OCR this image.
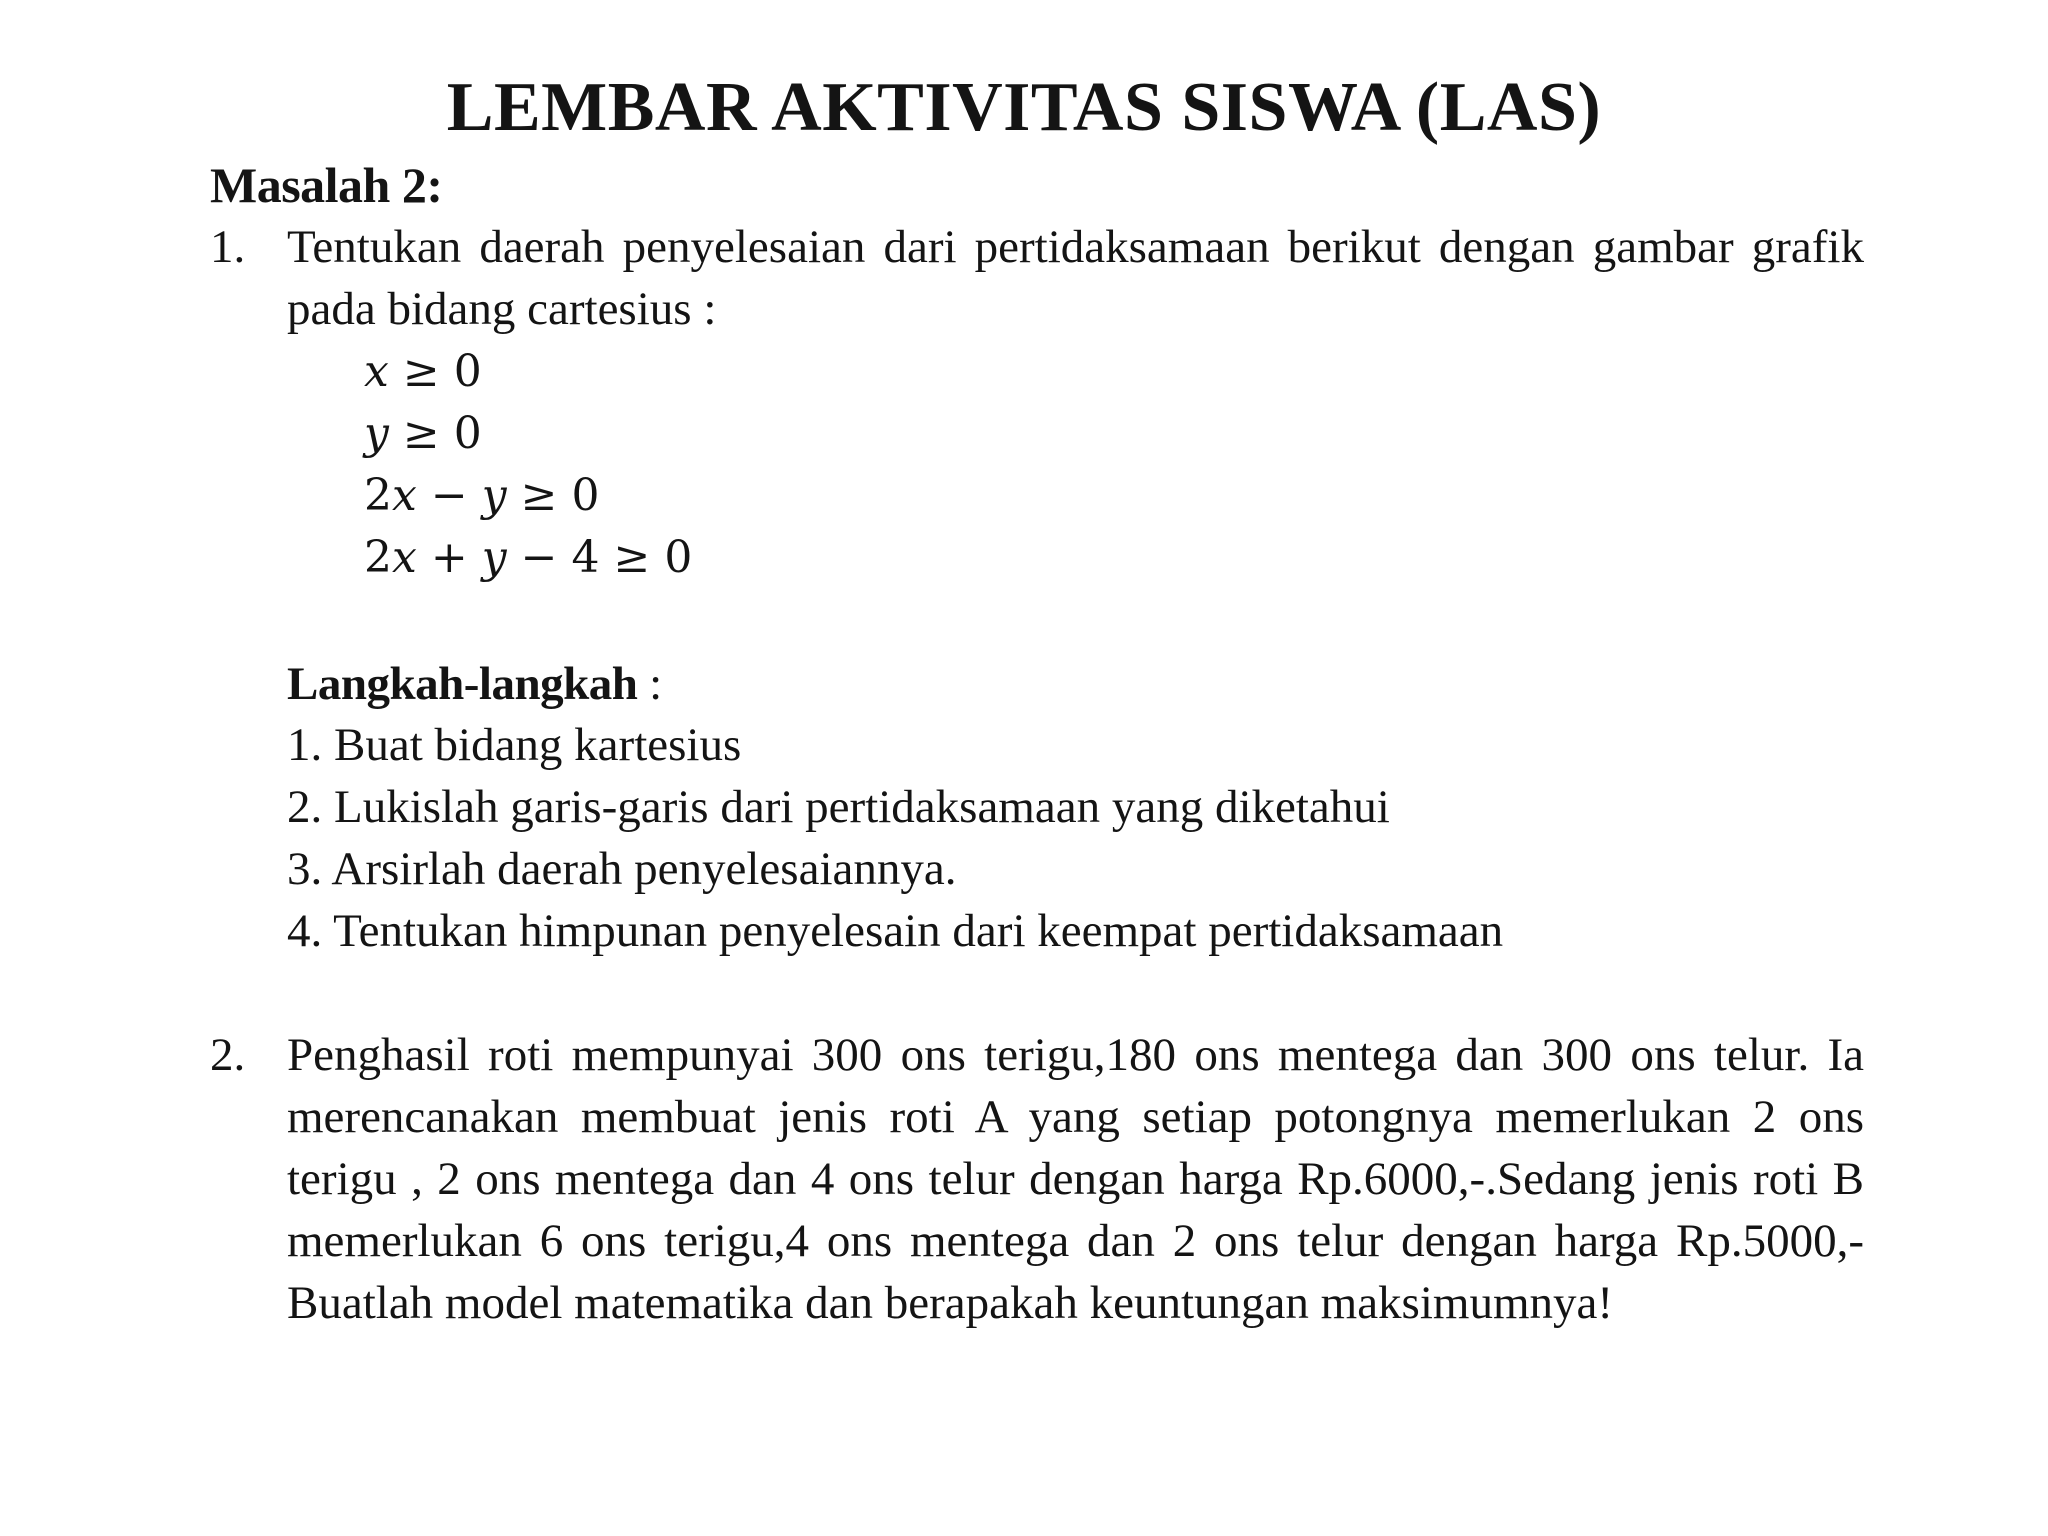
LEMBAR AKTIVITAS SISWA (LAS)
Masalah 2:
1. Tentukan daerah penyelesaian dari pertidaksamaan berikut dengan gambar grafik pada bidang cartesius :
x ≥ 0
y ≥ 0
2x − y ≥ 0
2x + y − 4 ≥ 0
Langkah-langkah :
1. Buat bidang kartesius
2. Lukislah garis-garis dari pertidaksamaan yang diketahui
3. Arsirlah daerah penyelesaiannya.
4. Tentukan himpunan penyelesain dari keempat pertidaksamaan
2. Penghasil roti mempunyai 300 ons terigu,180 ons mentega dan 300 ons telur. Ia merencanakan membuat jenis roti A yang setiap potongnya memerlukan 2 ons terigu , 2 ons mentega dan 4 ons telur dengan harga Rp.6000,-.Sedang jenis roti B memerlukan 6 ons terigu,4 ons mentega dan 2 ons telur dengan harga Rp.5000,-Buatlah model matematika dan berapakah keuntungan maksimumnya!
